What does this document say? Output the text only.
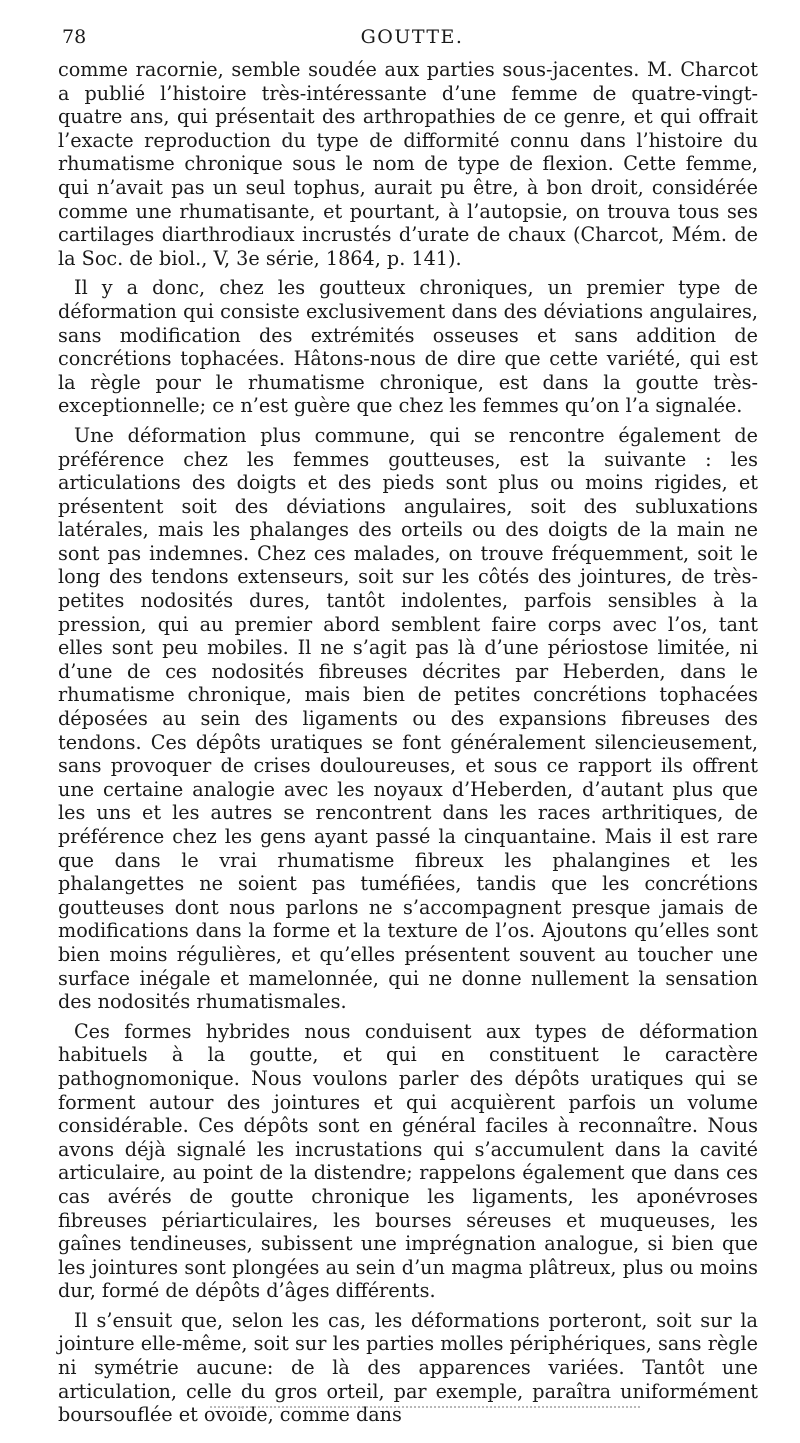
78	GOUTTE.

comme racornie, semble soudée aux parties sous-jacentes. M. Charcot a publié l’histoire très-intéressante d’une femme de quatre-vingt-quatre ans, qui présentait des arthropathies de ce genre, et qui offrait l’exacte reproduction du type de difformité connu dans l’histoire du rhumatisme chronique sous le nom de type de flexion. Cette femme, qui n’avait pas un seul tophus, aurait pu être, à bon droit, considérée comme une rhumatisante, et pourtant, à l’autopsie, on trouva tous ses cartilages diarthrodiaux incrustés d’urate de chaux (Charcot, Mém. de la Soc. de biol., V, 3e série, 1864, p. 141).

Il y a donc, chez les goutteux chroniques, un premier type de déformation qui consiste exclusivement dans des déviations angulaires, sans modification des extrémités osseuses et sans addition de concrétions tophacées. Hâtons-nous de dire que cette variété, qui est la règle pour le rhumatisme chronique, est dans la goutte très-exceptionnelle; ce n’est guère que chez les femmes qu’on l’a signalée.

Une déformation plus commune, qui se rencontre également de préférence chez les femmes goutteuses, est la suivante : les articulations des doigts et des pieds sont plus ou moins rigides, et présentent soit des déviations angulaires, soit des subluxations latérales, mais les phalanges des orteils ou des doigts de la main ne sont pas indemnes. Chez ces malades, on trouve fréquemment, soit le long des tendons extenseurs, soit sur les côtés des jointures, de très-petites nodosités dures, tantôt indolentes, parfois sensibles à la pression, qui au premier abord semblent faire corps avec l’os, tant elles sont peu mobiles. Il ne s’agit pas là d’une périostose limitée, ni d’une de ces nodosités fibreuses décrites par Heberden, dans le rhumatisme chronique, mais bien de petites concrétions tophacées déposées au sein des ligaments ou des expansions fibreuses des tendons. Ces dépôts uratiques se font généralement silencieusement, sans provoquer de crises douloureuses, et sous ce rapport ils offrent une certaine analogie avec les noyaux d’Heberden, d’autant plus que les uns et les autres se rencontrent dans les races arthritiques, de préférence chez les gens ayant passé la cinquantaine. Mais il est rare que dans le vrai rhumatisme fibreux les phalangines et les phalangettes ne soient pas tuméfiées, tandis que les concrétions goutteuses dont nous parlons ne s’accompagnent presque jamais de modifications dans la forme et la texture de l’os. Ajoutons qu’elles sont bien moins régulières, et qu’elles présentent souvent au toucher une surface inégale et mamelonnée, qui ne donne nullement la sensation des nodosités rhumatismales.

Ces formes hybrides nous conduisent aux types de déformation habituels à la goutte, et qui en constituent le caractère pathognomonique. Nous voulons parler des dépôts uratiques qui se forment autour des jointures et qui acquièrent parfois un volume considérable. Ces dépôts sont en général faciles à reconnaître. Nous avons déjà signalé les incrustations qui s’accumulent dans la cavité articulaire, au point de la distendre; rappelons également que dans ces cas avérés de goutte chronique les ligaments, les aponévroses fibreuses périarticulaires, les bourses séreuses et muqueuses, les gaînes tendineuses, subissent une imprégnation analogue, si bien que les jointures sont plongées au sein d’un magma plâtreux, plus ou moins dur, formé de dépôts d’âges différents.

Il s’ensuit que, selon les cas, les déformations porteront, soit sur la jointure elle-même, soit sur les parties molles périphériques, sans règle ni symétrie aucune: de là des apparences variées. Tantôt une articulation, celle du gros orteil, par exemple, paraîtra uniformément boursouflée et ovoïde, comme dans
